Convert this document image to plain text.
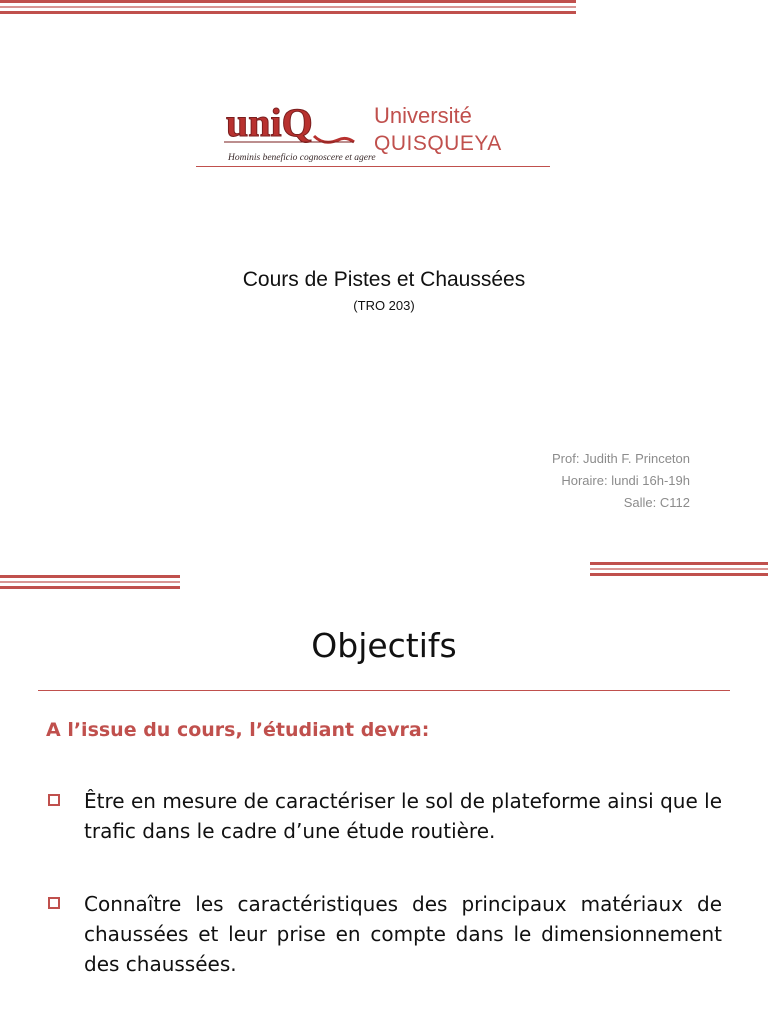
uniQ
Hominis beneficio cognoscere et agere
Université
QUISQUEYA
Cours de Pistes et Chaussées
(TRO 203)
Prof: Judith F. Princeton
Horaire: lundi 16h-19h
Salle: C112
Objectifs
A l’issue du cours, l’étudiant devra:
Être en mesure de caractériser le sol de plateforme ainsi que le trafic dans le cadre d’une étude routière.
Connaître les caractéristiques des principaux matériaux de chaussées et leur prise en compte dans le dimensionnement des chaussées.
